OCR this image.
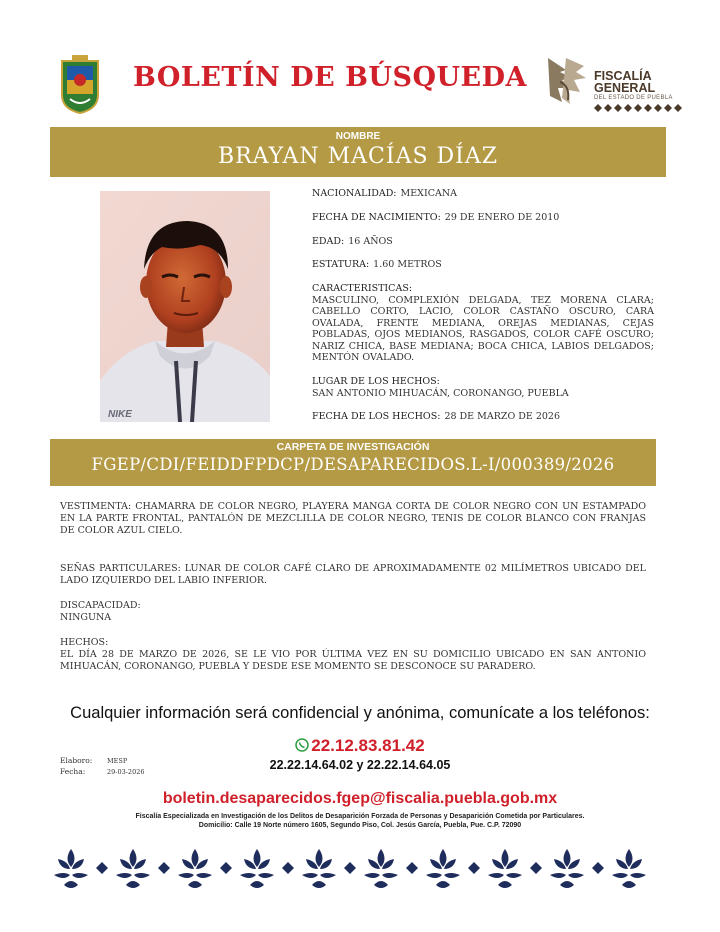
BOLETÍN DE BÚSQUEDA	FISCALÍA
GENERAL
DEL ESTADO DE PUEBLA
NOMBRE
BRAYAN MACÍAS DÍAZ
NIKE
NACIONALIDAD: MEXICANA
FECHA DE NACIMIENTO: 29 DE ENERO DE 2010
EDAD: 16 AÑOS
ESTATURA: 1.60 METROS
CARACTERISTICAS:
MASCULINO, COMPLEXIÓN DELGADA, TEZ MORENA CLARA; CABELLO CORTO, LACIO, COLOR CASTAÑO OSCURO, CARA OVALADA, FRENTE MEDIANA, OREJAS MEDIANAS, CEJAS POBLADAS, OJOS MEDIANOS, RASGADOS, COLOR CAFÉ OSCURO; NARIZ CHICA, BASE MEDIANA; BOCA CHICA, LABIOS DELGADOS; MENTÓN OVALADO.
LUGAR DE LOS HECHOS:
SAN ANTONIO MIHUACÁN, CORONANGO, PUEBLA
FECHA DE LOS HECHOS: 28 DE MARZO DE 2026
CARPETA DE INVESTIGACIÓN
FGEP/CDI/FEIDDFPDCP/DESAPARECIDOS.L-I/000389/2026
VESTIMENTA: CHAMARRA DE COLOR NEGRO, PLAYERA MANGA CORTA DE COLOR NEGRO CON UN ESTAMPADO EN LA PARTE FRONTAL, PANTALÓN DE MEZCLILLA DE COLOR NEGRO, TENIS DE COLOR BLANCO CON FRANJAS DE COLOR AZUL CIELO.
SEÑAS PARTICULARES: LUNAR DE COLOR CAFÉ CLARO DE APROXIMADAMENTE 02 MILÍMETROS UBICADO DEL LADO IZQUIERDO DEL LABIO INFERIOR.
DISCAPACIDAD:
NINGUNA
HECHOS:
EL DÍA 28 DE MARZO DE 2026, SE LE VIO POR ÚLTIMA VEZ EN SU DOMICILIO UBICADO EN SAN ANTONIO MIHUACÁN, CORONANGO, PUEBLA Y DESDE ESE MOMENTO SE DESCONOCE SU PARADERO.
Cualquier información será confidencial y anónima, comunícate a los teléfonos:
22.12.83.81.42
22.22.14.64.02 y 22.22.14.64.05
Elaboro: MESP
Fecha:	29-03-2026
boletin.desaparecidos.fgep@fiscalia.puebla.gob.mx
Fiscalía Especializada en Investigación de los Delitos de Desaparición Forzada de Personas y Desaparición Cometida por Particulares.
Domicilio: Calle 19 Norte número 1605, Segundo Piso, Col. Jesús García, Puebla, Pue. C.P. 72090
